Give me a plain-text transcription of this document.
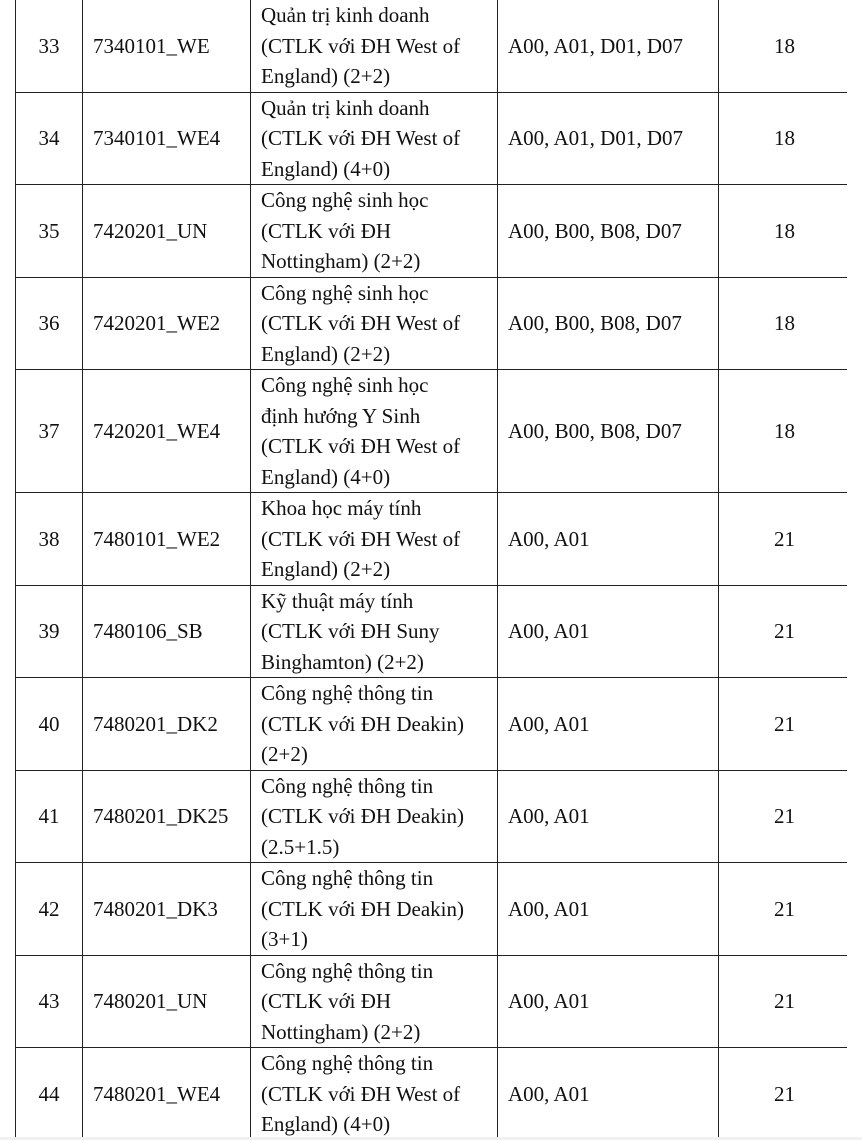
33	7340101_WE	Quản trị kinh doanh
(CTLK với ĐH West of
England) (2+2)	A00, A01, D01, D07	18
34	7340101_WE4	Quản trị kinh doanh
(CTLK với ĐH West of
England) (4+0)	A00, A01, D01, D07	18
35	7420201_UN	Công nghệ sinh học
(CTLK với ĐH
Nottingham) (2+2)	A00, B00, B08, D07	18
36	7420201_WE2	Công nghệ sinh học
(CTLK với ĐH West of
England) (2+2)	A00, B00, B08, D07	18
37	7420201_WE4	Công nghệ sinh học
định hướng Y Sinh
(CTLK với ĐH West of
England) (4+0)	A00, B00, B08, D07	18
38	7480101_WE2	Khoa học máy tính
(CTLK với ĐH West of
England) (2+2)	A00, A01	21
39	7480106_SB	Kỹ thuật máy tính
(CTLK với ĐH Suny
Binghamton) (2+2)	A00, A01	21
40	7480201_DK2	Công nghệ thông tin
(CTLK với ĐH Deakin)
(2+2)	A00, A01	21
41	7480201_DK25	Công nghệ thông tin
(CTLK với ĐH Deakin)
(2.5+1.5)	A00, A01	21
42	7480201_DK3	Công nghệ thông tin
(CTLK với ĐH Deakin)
(3+1)	A00, A01	21
43	7480201_UN	Công nghệ thông tin
(CTLK với ĐH
Nottingham) (2+2)	A00, A01	21
44	7480201_WE4	Công nghệ thông tin
(CTLK với ĐH West of
England) (4+0)	A00, A01	21
